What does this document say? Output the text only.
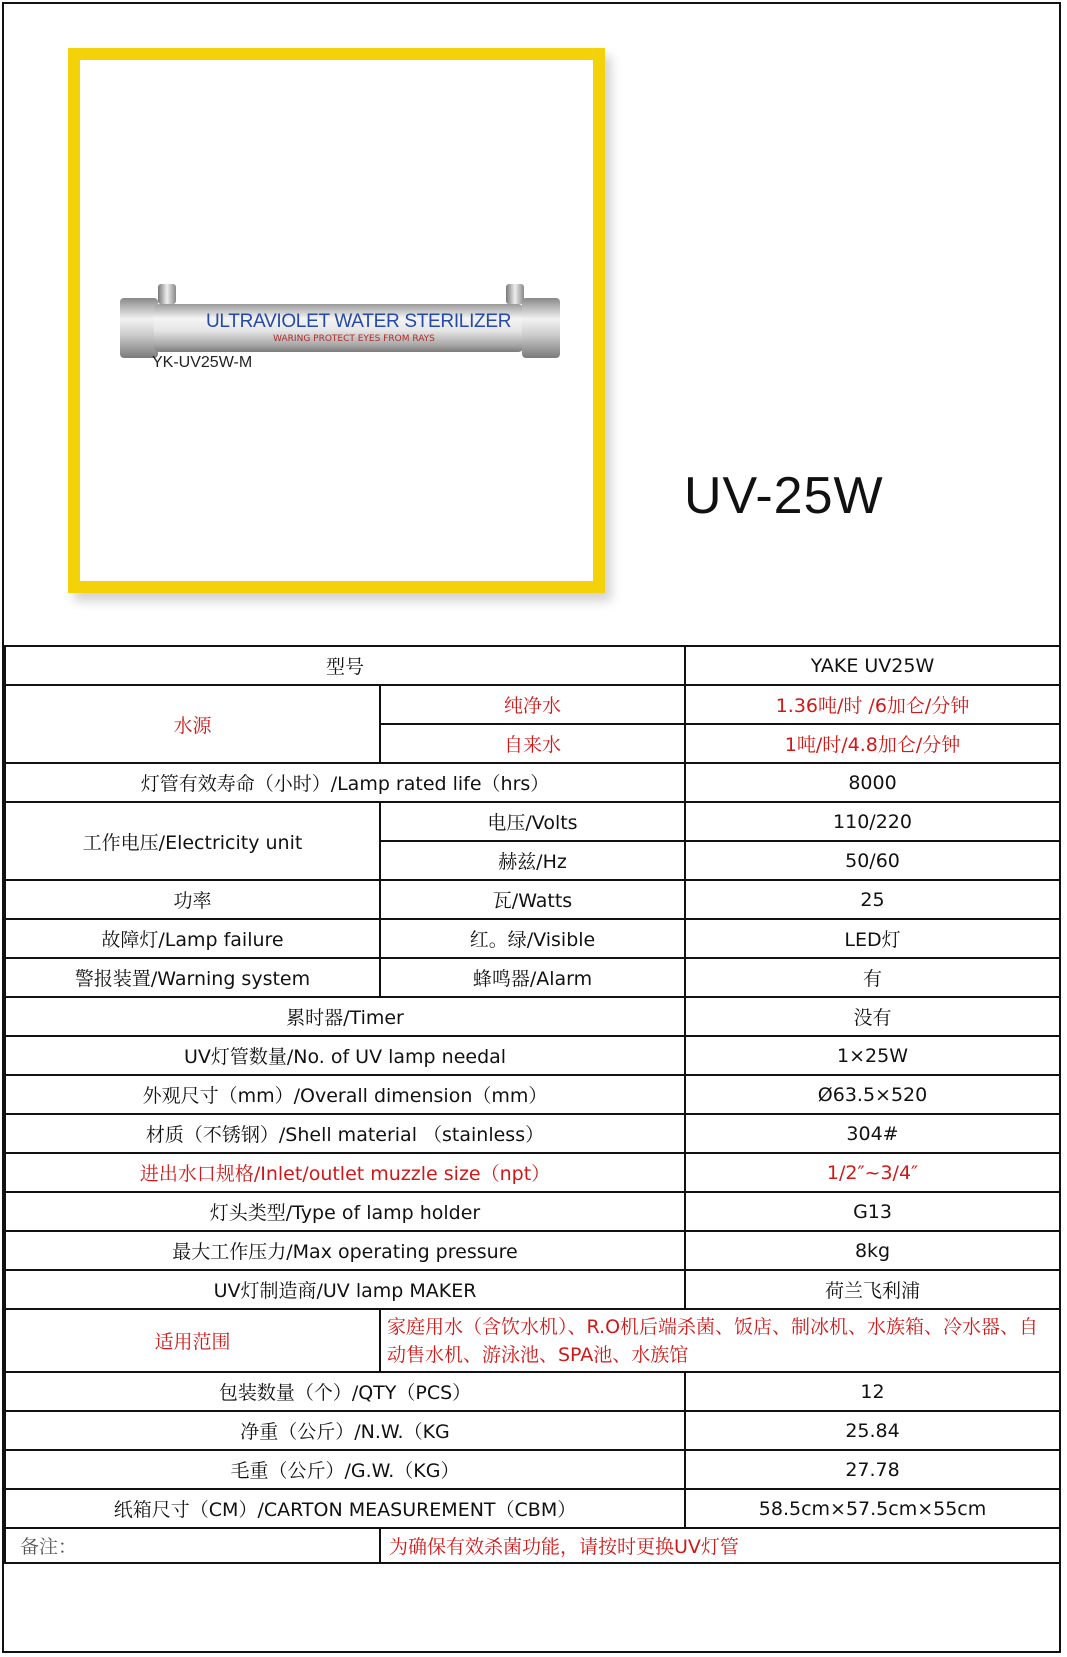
ULTRAVIOLET WATER STERILIZER
WARING PROTECT EYES FROM RAYS
YK-UV25W-M
UV-25W
型号		YAKE UV25W
水源	纯净水	1.36吨/时 /6加仑/分钟
	自来水	1吨/时/4.8加仑/分钟
灯管有效寿命（小时）/Lamp rated life（hrs）		8000
工作电压/Electricity unit	电压/Volts	110/220
	赫兹/Hz	50/60
功率	瓦/Watts	25
故障灯/Lamp failure	红。绿/Visible	LED灯
警报装置/Warning system	蜂鸣器/Alarm	有
累时器/Timer		没有
UV灯管数量/No. of UV lamp needal		1×25W
外观尺寸（mm）/Overall dimension（mm）		Ø63.5×520
材质（不锈钢）/Shell material （stainless）		304#
进出水口规格/Inlet/outlet muzzle size（npt）		1/2″~3/4″
灯头类型/Type of lamp holder		G13
最大工作压力/Max operating pressure		8kg
UV灯制造商/UV lamp MAKER		荷兰飞利浦
适用范围	家庭用水（含饮水机）、R.O机后端杀菌、饭店、制冰机、水族箱、冷水器、自动售水机、游泳池、SPA池、水族馆	
包装数量（个）/QTY（PCS）		12
净重（公斤）/N.W.（KG		25.84
毛重（公斤）/G.W.（KG）		27.78
纸箱尺寸（CM）/CARTON MEASUREMENT（CBM）		58.5cm×57.5cm×55cm
备注：	为确保有效杀菌功能，请按时更换UV灯管	
